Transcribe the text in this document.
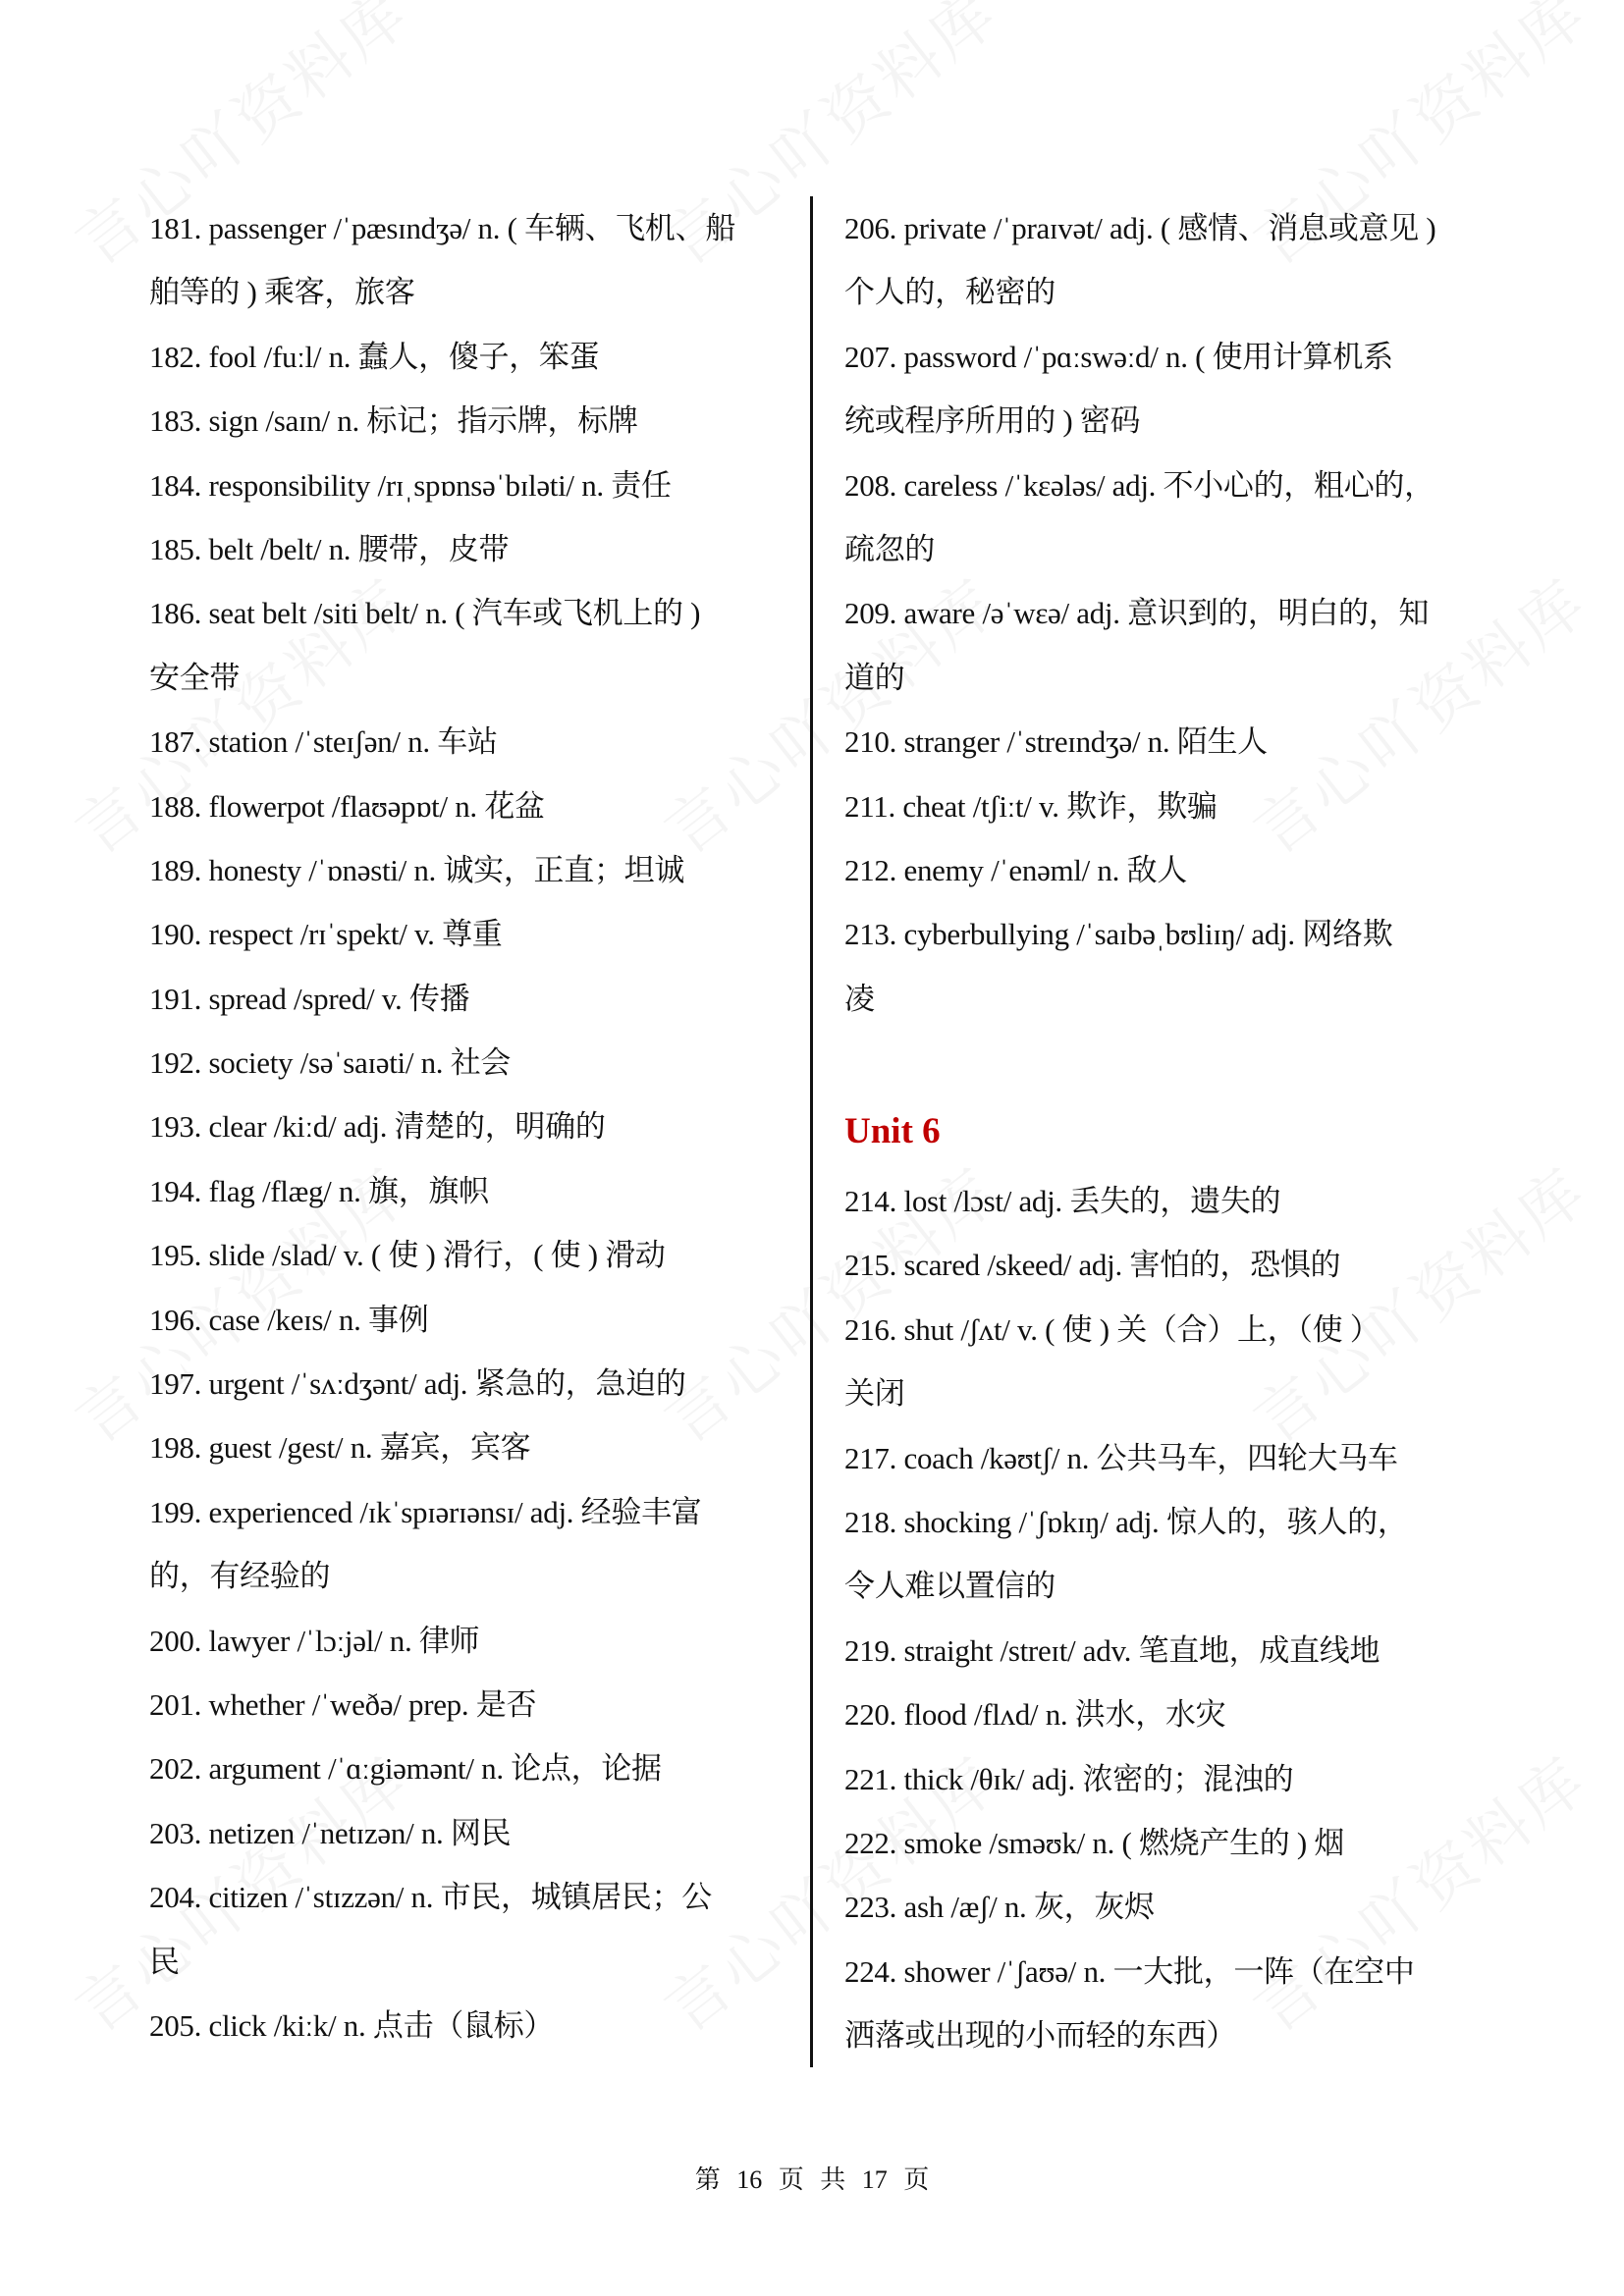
181. passenger /ˈpæsɪndʒə/ n. ( 车辆、飞机、船
舶等的 ) 乘客，旅客
182. fool /fuːl/ n. 蠢人，傻子，笨蛋
183. sign /saɪn/ n. 标记；指示牌，标牌
184. responsibility /rɪˌspɒnsəˈbɪləti/ n. 责任
185. belt /belt/ n. 腰带，皮带
186. seat belt /siti belt/ n. ( 汽车或飞机上的 )
安全带
187. station /ˈsteɪʃən/ n. 车站
188. flowerpot /flaʊəpɒt/ n. 花盆
189. honesty /ˈɒnəsti/ n. 诚实，正直；坦诚
190. respect /rɪˈspekt/ v. 尊重
191. spread /spred/ v. 传播
192. society /səˈsaɪəti/ n. 社会
193. clear /kiːd/ adj. 清楚的，明确的
194. flag /flæg/ n. 旗，旗帜
195. slide /slad/ v. ( 使 ) 滑行，( 使 ) 滑动
196. case /keɪs/ n. 事例
197. urgent /ˈsʌːdʒənt/ adj. 紧急的，急迫的
198. guest /gest/ n. 嘉宾，宾客
199. experienced /ɪkˈspɪərɪənsɪ/ adj. 经验丰富
的，有经验的
200. lawyer /ˈlɔːjəl/ n. 律师
201. whether /ˈweðə/ prep. 是否
202. argument /ˈɑːgiəmənt/ n. 论点，论据
203. netizen /ˈnetɪzən/ n. 网民
204. citizen /ˈstɪzzən/ n. 市民，城镇居民；公
民
205. click /kiːk/ n. 点击（鼠标）
206. private /ˈpraɪvət/ adj. ( 感情、消息或意见 )
个人的，秘密的
207. password /ˈpɑːswəːd/ n. ( 使用计算机系
统或程序所用的 ) 密码
208. careless /ˈkɛələs/ adj. 不小心的，粗心的，
疏忽的
209. aware /əˈwɛə/ adj. 意识到的，明白的，知
道的
210. stranger /ˈstreɪndʒə/ n. 陌生人
211. cheat /tʃiːt/ v. 欺诈，欺骗
212. enemy /ˈenəml/ n. 敌人
213. cyberbullying /ˈsaɪbəˌbʊliɪŋ/ adj. 网络欺
凌
Unit 6
214. lost /lɔst/ adj. 丢失的，遗失的
215. scared /skeed/ adj. 害怕的，恐惧的
216. shut /ʃʌt/ v. ( 使 ) 关（合）上，（使 ）
关闭
217. coach /kəʊtʃ/ n. 公共马车，四轮大马车
218. shocking /ˈʃɒkɪŋ/ adj. 惊人的，骇人的，
令人难以置信的
219. straight /streɪt/ adv. 笔直地，成直线地
220. flood /flʌd/ n. 洪水，水灾
221. thick /θɪk/ adj. 浓密的；混浊的
222. smoke /sməʊk/ n. ( 燃烧产生的 ) 烟
223. ash /æʃ/ n. 灰，灰烬
224. shower /ˈʃaʊə/ n. 一大批，一阵（在空中
洒落或出现的小而轻的东西）
第 16 页 共 17 页
